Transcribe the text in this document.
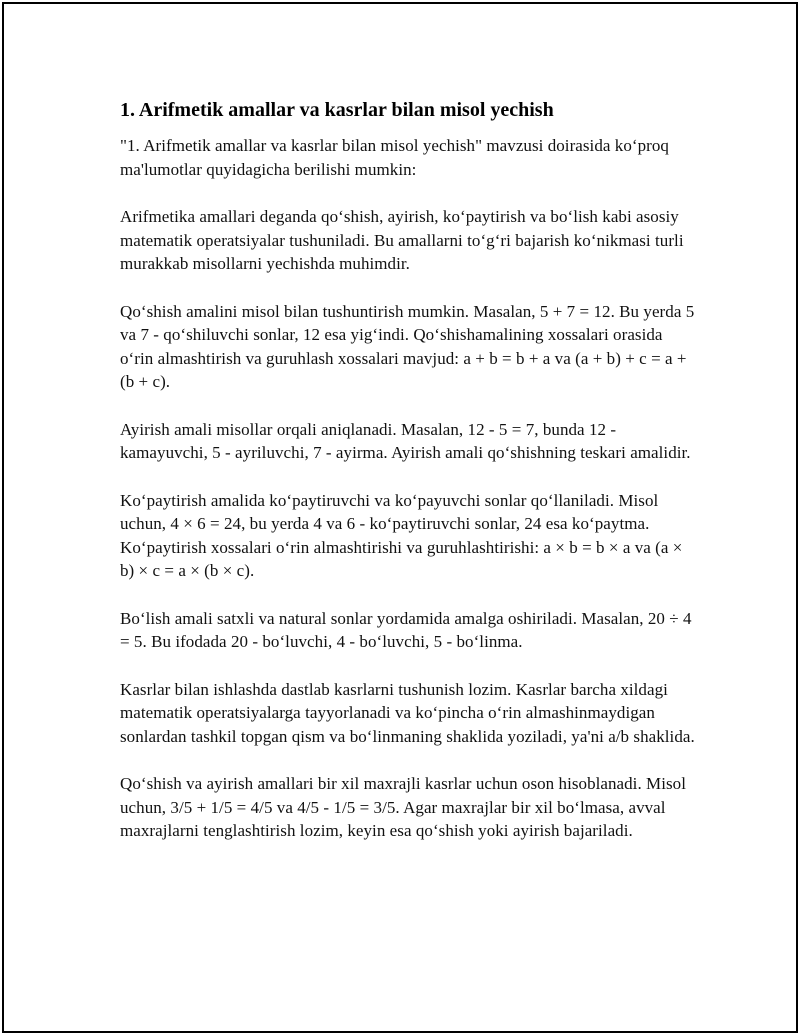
1. Arifmetik amallar va kasrlar bilan misol yechish

"1. Arifmetik amallar va kasrlar bilan misol yechish" mavzusi doirasida ko‘proq ma'lumotlar quyidagicha berilishi mumkin:

Arifmetika amallari deganda qo‘shish, ayirish, ko‘paytirish va bo‘lish kabi asosiy matematik operatsiyalar tushuniladi. Bu amallarni to‘g‘ri bajarish ko‘nikmasi turli murakkab misollarni yechishda muhimdir.

Qo‘shish amalini misol bilan tushuntirish mumkin. Masalan, 5 + 7 = 12. Bu yerda 5 va 7 - qo‘shiluvchi sonlar, 12 esa yig‘indi. Qo‘shishamalining xossalari orasida o‘rin almashtirish va guruhlash xossalari mavjud: a + b = b + a va (a + b) + c = a + (b + c).

Ayirish amali misollar orqali aniqlanadi. Masalan, 12 - 5 = 7, bunda 12 - kamayuvchi, 5 - ayriluvchi, 7 - ayirma. Ayirish amali qo‘shishning teskari amalidir.

Ko‘paytirish amalida ko‘paytiruvchi va ko‘payuvchi sonlar qo‘llaniladi. Misol uchun, 4 × 6 = 24, bu yerda 4 va 6 - ko‘paytiruvchi sonlar, 24 esa ko‘paytma. Ko‘paytirish xossalari o‘rin almashtirishi va guruhlashtirishi: a × b = b × a va (a × b) × c = a × (b × c).

Bo‘lish amali satxli va natural sonlar yordamida amalga oshiriladi. Masalan, 20 ÷ 4 = 5. Bu ifodada 20 - bo‘luvchi, 4 - bo‘luvchi, 5 - bo‘linma.

Kasrlar bilan ishlashda dastlab kasrlarni tushunish lozim. Kasrlar barcha xildagi matematik operatsiyalarga tayyorlanadi va ko‘pincha o‘rin almashinmaydigan sonlardan tashkil topgan qism va bo‘linmaning shaklida yoziladi, ya'ni a/b shaklida.

Qo‘shish va ayirish amallari bir xil maxrajli kasrlar uchun oson hisoblanadi. Misol uchun, 3/5 + 1/5 = 4/5 va 4/5 - 1/5 = 3/5. Agar maxrajlar bir xil bo‘lmasa, avval maxrajlarni tenglashtirish lozim, keyin esa qo‘shish yoki ayirish bajariladi.
